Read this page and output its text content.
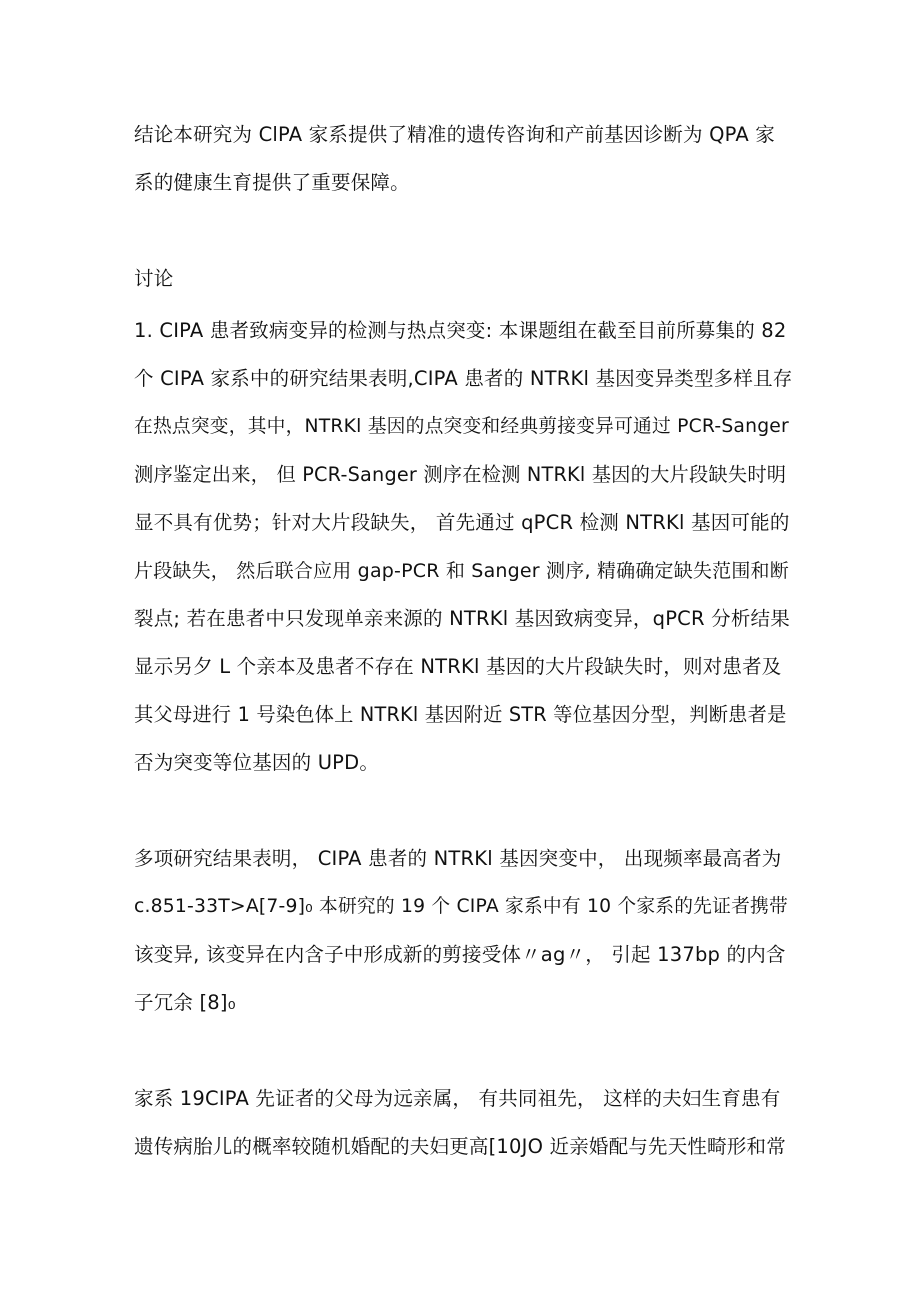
结论本研究为 ClPA 家系提供了精准的遗传咨询和产前基因诊断为 QPA 家
系的健康生育提供了重要保障。
讨论
1. CIPA 患者致病变异的检测与热点突变: 本课题组在截至目前所募集的 82
个 CIPA 家系中的研究结果表明,CIPA 患者的 NTRKl 基因变异类型多样且存
在热点突变，其中，NTRKl 基因的点突变和经典剪接变异可通过 PCR-Sanger
测序鉴定出来， 但 PCR-Sanger 测序在检测 NTRKl 基因的大片段缺失时明
显不具有优势；针对大片段缺失， 首先通过 qPCR 检测 NTRKl 基因可能的
片段缺失， 然后联合应用 gap-PCR 和 Sanger 测序, 精确确定缺失范围和断
裂点; 若在患者中只发现单亲来源的 NTRKl 基因致病变异，qPCR 分析结果
显示另夕 L 个亲本及患者不存在 NTRKl 基因的大片段缺失时，则对患者及
其父母进行 1 号染色体上 NTRKl 基因附近 STR 等位基因分型，判断患者是
否为突变等位基因的 UPD。
多项研究结果表明， CIPA 患者的 NTRKl 基因突变中， 出现频率最高者为
c.851-33T>A[7-9]₀ 本研究的 19 个 CIPA 家系中有 10 个家系的先证者携带
该变异, 该变异在内含子中形成新的剪接受体〃ag〃， 引起 137bp 的内含
子冗余 [8]₀
家系 19CIPA 先证者的父母为远亲属， 有共同祖先， 这样的夫妇生育患有
遗传病胎儿的概率较随机婚配的夫妇更高[10JO 近亲婚配与先天性畸形和常
